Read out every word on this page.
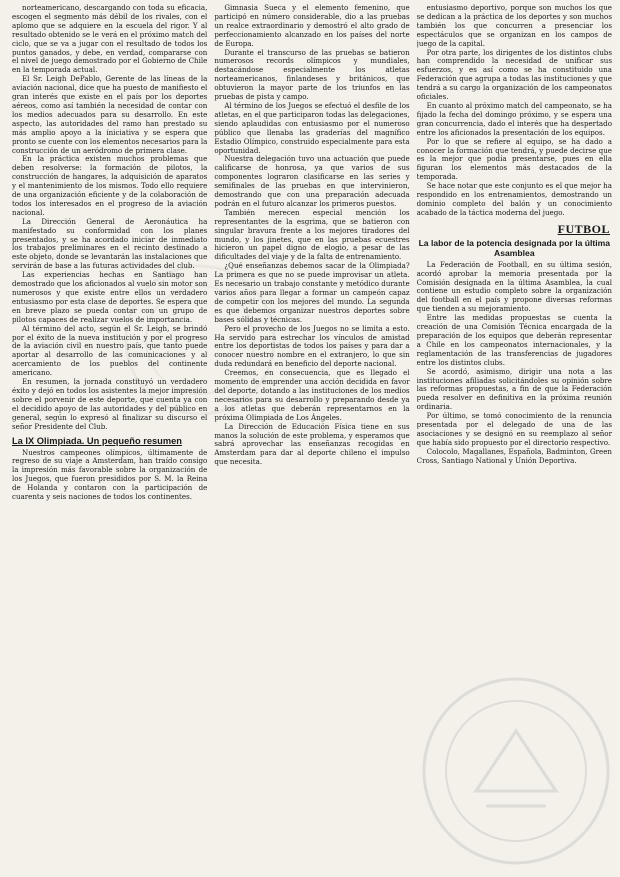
norteamericano, descargando con toda su eficacia, escogen el segmento más débil de los rivales, con el aplomo que se adquiere en la escuela del rigor. Y al resultado obtenido se le verá en el próximo match del ciclo, que se va a jugar con el resultado de todos los puntos ganados, y debe, en verdad, compararse con el nivel de juego demostrado por el Gobierno de Chile en la temporada actual.

El Sr. Leigh DePablo, Gerente de las líneas de la aviación nacional, dice que ha puesto de manifiesto el gran interés que existe en el país por los deportes aéreos, como así también la necesidad de contar con los medios adecuados para su desarrollo. En este aspecto, las autoridades del ramo han prestado su más amplio apoyo a la iniciativa y se espera que pronto se cuente con los elementos necesarios para la construcción de un aeródromo de primera clase.

En la práctica existen muchos problemas que deben resolverse: la formación de pilotos, la construcción de hangares, la adquisición de aparatos y el mantenimiento de los mismos. Todo ello requiere de una organización eficiente y de la colaboración de todos los interesados en el progreso de la aviación nacional.

La Dirección General de Aeronáutica ha manifestado su conformidad con los planes presentados, y se ha acordado iniciar de inmediato los trabajos preliminares en el recinto destinado a este objeto, donde se levantarán las instalaciones que servirán de base a las futuras actividades del club.

Las experiencias hechas en Santiago han demostrado que los aficionados al vuelo sin motor son numerosos y que existe entre ellos un verdadero entusiasmo por esta clase de deportes. Se espera que en breve plazo se pueda contar con un grupo de pilotos capaces de realizar vuelos de importancia.

Al término del acto, según el Sr. Leigh, se brindó por el éxito de la nueva institución y por el progreso de la aviación civil en nuestro país, que tanto puede aportar al desarrollo de las comunicaciones y al acercamiento de los pueblos del continente americano.

En resumen, la jornada constituyó un verdadero éxito y dejó en todos los asistentes la mejor impresión sobre el porvenir de este deporte, que cuenta ya con el decidido apoyo de las autoridades y del público en general, según lo expresó al finalizar su discurso el señor Presidente del Club.

La IX Olimpiada. Un pequeño resumen

Nuestros campeones olímpicos, últimamente de regreso de su viaje a Amsterdam, han traído consigo la impresión más favorable sobre la organización de los Juegos, que fueron presididos por S. M. la Reina de Holanda y contaron con la participación de cuarenta y seis naciones de todos los continentes.

Gimnasia Sueca y el elemento femenino, que participó en número considerable, dio a las pruebas un realce extraordinario y demostró el alto grado de perfeccionamiento alcanzado en los países del norte de Europa.

Durante el transcurso de las pruebas se batieron numerosos records olímpicos y mundiales, destacándose especialmente los atletas norteamericanos, finlandeses y británicos, que obtuvieron la mayor parte de los triunfos en las pruebas de pista y campo.

Al término de los Juegos se efectuó el desfile de los atletas, en el que participaron todas las delegaciones, siendo aplaudidas con entusiasmo por el numeroso público que llenaba las graderías del magnífico Estadio Olímpico, construido especialmente para esta oportunidad.

Nuestra delegación tuvo una actuación que puede calificarse de honrosa, ya que varios de sus componentes lograron clasificarse en las series y semifinales de las pruebas en que intervinieron, demostrando que con una preparación adecuada podrán en el futuro alcanzar los primeros puestos.

También merecen especial mención los representantes de la esgrima, que se batieron con singular bravura frente a los mejores tiradores del mundo, y los jinetes, que en las pruebas ecuestres hicieron un papel digno de elogio, a pesar de las dificultades del viaje y de la falta de entrenamiento.

¿Qué enseñanzas debemos sacar de la Olimpiada? La primera es que no se puede improvisar un atleta. Es necesario un trabajo constante y metódico durante varios años para llegar a formar un campeón capaz de competir con los mejores del mundo. La segunda es que debemos organizar nuestros deportes sobre bases sólidas y técnicas.

Pero el provecho de los Juegos no se limita a esto. Ha servido para estrechar los vínculos de amistad entre los deportistas de todos los países y para dar a conocer nuestro nombre en el extranjero, lo que sin duda redundará en beneficio del deporte nacional.

Creemos, en consecuencia, que es llegado el momento de emprender una acción decidida en favor del deporte, dotando a las instituciones de los medios necesarios para su desarrollo y preparando desde ya a los atletas que deberán representarnos en la próxima Olimpiada de Los Ángeles.

La Dirección de Educación Física tiene en sus manos la solución de este problema, y esperamos que sabrá aprovechar las enseñanzas recogidas en Amsterdam para dar al deporte chileno el impulso que necesita.

entusiasmo deportivo, porque son muchos los que se dedican a la práctica de los deportes y son muchos también los que concurren a presenciar los espectáculos que se organizan en los campos de juego de la capital.

Por otra parte, los dirigentes de los distintos clubs han comprendido la necesidad de unificar sus esfuerzos, y es así como se ha constituido una Federación que agrupa a todas las instituciones y que tendrá a su cargo la organización de los campeonatos oficiales.

En cuanto al próximo match del campeonato, se ha fijado la fecha del domingo próximo, y se espera una gran concurrencia, dado el interés que ha despertado entre los aficionados la presentación de los equipos.

Por lo que se refiere al equipo, se ha dado a conocer la formación que tendrá, y puede decirse que es la mejor que podía presentarse, pues en ella figuran los elementos más destacados de la temporada.

Se hace notar que este conjunto es el que mejor ha respondido en los entrenamientos, demostrando un dominio completo del balón y un conocimiento acabado de la táctica moderna del juego.

FUTBOL
La labor de la potencia designada por la última Asamblea

La Federación de Football, en su última sesión, acordó aprobar la memoria presentada por la Comisión designada en la última Asamblea, la cual contiene un estudio completo sobre la organización del football en el país y propone diversas reformas que tienden a su mejoramiento.

Entre las medidas propuestas se cuenta la creación de una Comisión Técnica encargada de la preparación de los equipos que deberán representar a Chile en los campeonatos internacionales, y la reglamentación de las transferencias de jugadores entre los distintos clubs.

Se acordó, asimismo, dirigir una nota a las instituciones afiliadas solicitándoles su opinión sobre las reformas propuestas, a fin de que la Federación pueda resolver en definitiva en la próxima reunión ordinaria.

Por último, se tomó conocimiento de la renuncia presentada por el delegado de una de las asociaciones y se designó en su reemplazo al señor que había sido propuesto por el directorio respectivo.

Colocolo, Magallanes, Española, Badminton, Green Cross, Santiago National y Unión Deportiva.
